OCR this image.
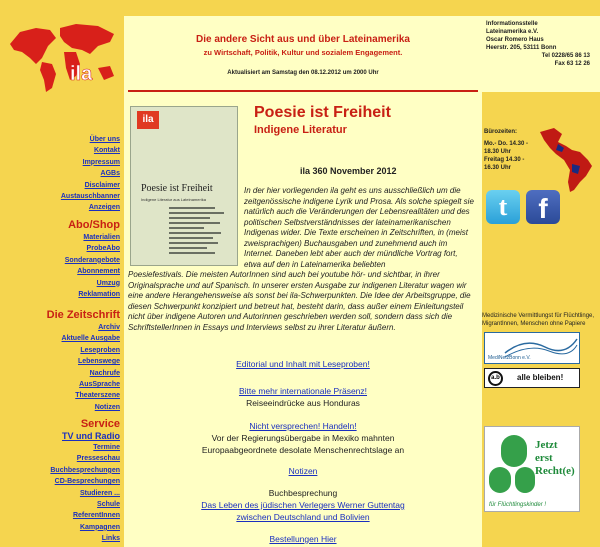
ila
Über uns
Kontakt
Impressum
AGBs
Disclaimer
Austauschbanner
Anzeigen
Abo/Shop
Materialien
ProbeAbo
Sonderangebote
Abonnement
Umzug
Reklamation
Die Zeitschrift
Archiv
Aktuelle Ausgabe
Leseproben
Lebenswege
Nachrufe
AusSprache
Theaterszene
Notizen
Service
TV und Radio
Termine
Presseschau
Buchbesprechungen
CD-Besprechungen
Studieren ...
Schule
ReferentInnen
Kampagnen
Links
Die andere Sicht aus und über Lateinamerika
zu Wirtschaft, Politik, Kultur und sozialem Engagement.
Aktualisiert am Samstag den 08.12.2012 um 2000 Uhr
ila
Poesie ist Freiheit
Indigene Literatur aus Lateinamerika
Poesie ist Freiheit
Indigene Literatur
ila 360 November 2012
In der hier vorliegenden ila geht es uns ausschließlich um die zeitgenössische indigene Lyrik und Prosa. Als solche spiegelt sie natürlich auch die Veränderungen der Lebensrealitäten und des politischen Selbstverständnisses der lateinamerikanischen Indigenas wider. Die Texte erscheinen in Zeitschriften, in (meist zweisprachigen) Buchausgaben und zunehmend auch im Internet. Daneben lebt aber auch der mündliche Vortrag fort, etwa auf den in Lateinamerika beliebten
Poesiefestivals. Die meisten AutorInnen sind auch bei youtube hör- und sichtbar, in ihrer Originalsprache und auf Spanisch. In unserer ersten Ausgabe zur indigenen Literatur wagen wir eine andere Herangehensweise als sonst bei ila-Schwerpunkten. Die Idee der Arbeitsgruppe, die diesen Schwerpunkt konzipiert und betreut hat, besteht darin, dass außer einem Einleitungsteil nicht über indigene Autoren und Autorinnen geschrieben werden soll, sondern dass sich die SchriftstellerInnen in Essays und Interviews selbst zu ihrer Literatur äußern.
Editorial und Inhalt mit Leseproben!
Bitte mehr internationale Präsenz!
Reiseeindrücke aus Honduras
Nicht versprechen! Handeln!
Vor der Regierungsübergabe in Mexiko mahnten
Europaabgeordnete desolate Menschenrechtslage an
Notizen
Buchbesprechung
Das Leben des jüdischen Verlegers Werner Guttentag
zwischen Deutschland und Bolivien
Bestellungen Hier
Informationsstelle
Lateinamerika e.V.
Oscar Romero Haus
Heerstr. 205, 53111 Bonn
Tel 0228/65 86 13
Fax 63 12 26
Bürozeiten:
Mo.- Do. 14.30 -
18.30 Uhr
Freitag 14.30 -
16.30 Uhr
t	f
Medizinische Vermittlungst für Flüchtlinge, MigrantInnen, Menschen ohne Papiere
MediNetzBonn e.V.
a.b	alle bleiben!
Jetzt
erst
Recht(e)
für Flüchtlingskinder !
